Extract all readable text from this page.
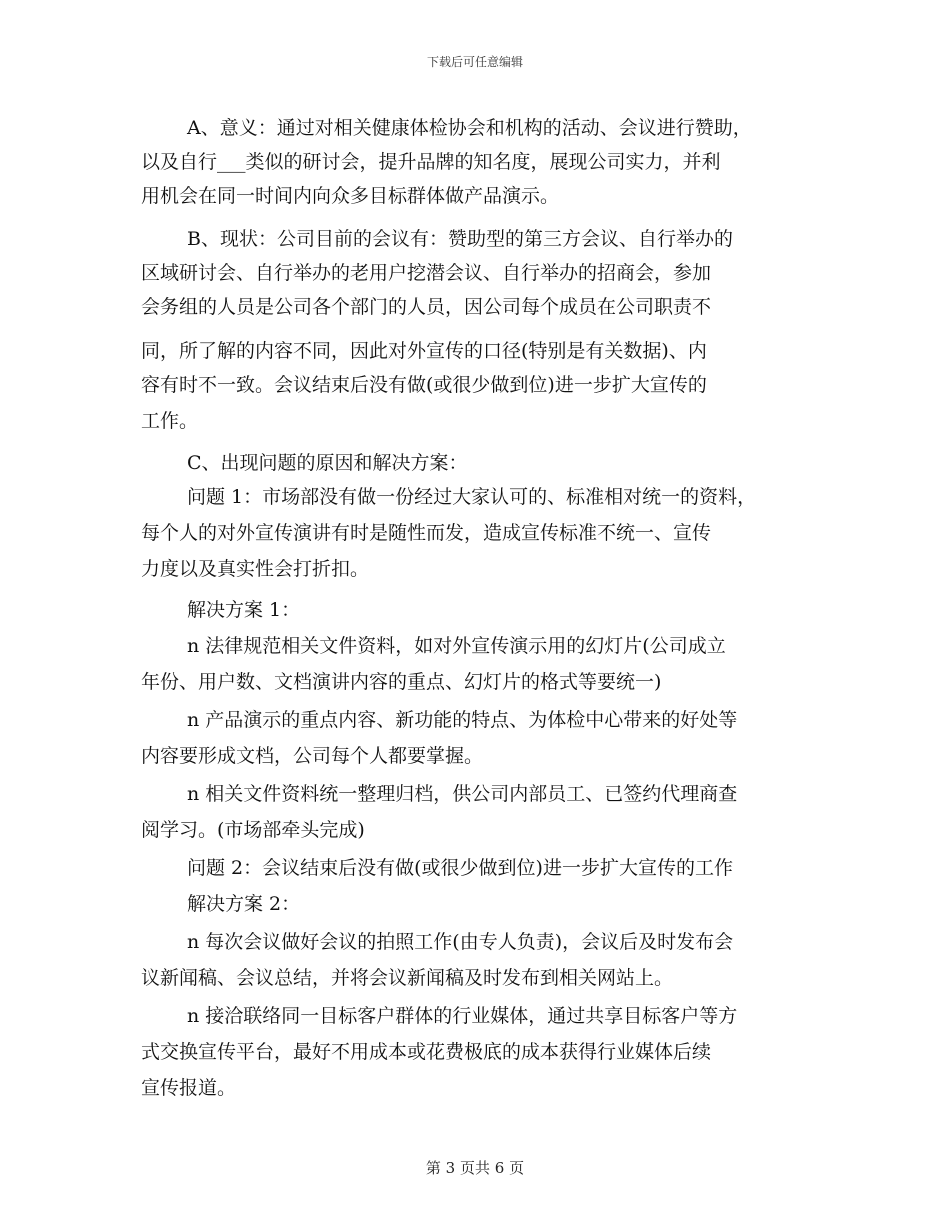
下载后可任意编辑
A、意义：通过对相关健康体检协会和机构的活动、会议进行赞助，
以及自行___类似的研讨会，提升品牌的知名度，展现公司实力，并利
用机会在同一时间内向众多目标群体做产品演示。
B、现状：公司目前的会议有：赞助型的第三方会议、自行举办的
区域研讨会、自行举办的老用户挖潜会议、自行举办的招商会，参加
会务组的人员是公司各个部门的人员，因公司每个成员在公司职责不
同，所了解的内容不同，因此对外宣传的口径(特别是有关数据)、内
容有时不一致。会议结束后没有做(或很少做到位)进一步扩大宣传的
工作。
C、出现问题的原因和解决方案：
问题 1：市场部没有做一份经过大家认可的、标准相对统一的资料，
每个人的对外宣传演讲有时是随性而发，造成宣传标准不统一、宣传
力度以及真实性会打折扣。
解决方案 1：
n 法律规范相关文件资料，如对外宣传演示用的幻灯片(公司成立
年份、用户数、文档演讲内容的重点、幻灯片的格式等要统一)
n 产品演示的重点内容、新功能的特点、为体检中心带来的好处等
内容要形成文档，公司每个人都要掌握。
n 相关文件资料统一整理归档，供公司内部员工、已签约代理商查
阅学习。(市场部牵头完成)
问题 2：会议结束后没有做(或很少做到位)进一步扩大宣传的工作
解决方案 2：
n 每次会议做好会议的拍照工作(由专人负责)，会议后及时发布会
议新闻稿、会议总结，并将会议新闻稿及时发布到相关网站上。
n 接洽联络同一目标客户群体的行业媒体，通过共享目标客户等方
式交换宣传平台，最好不用成本或花费极底的成本获得行业媒体后续
宣传报道。
第 3 页共 6 页
